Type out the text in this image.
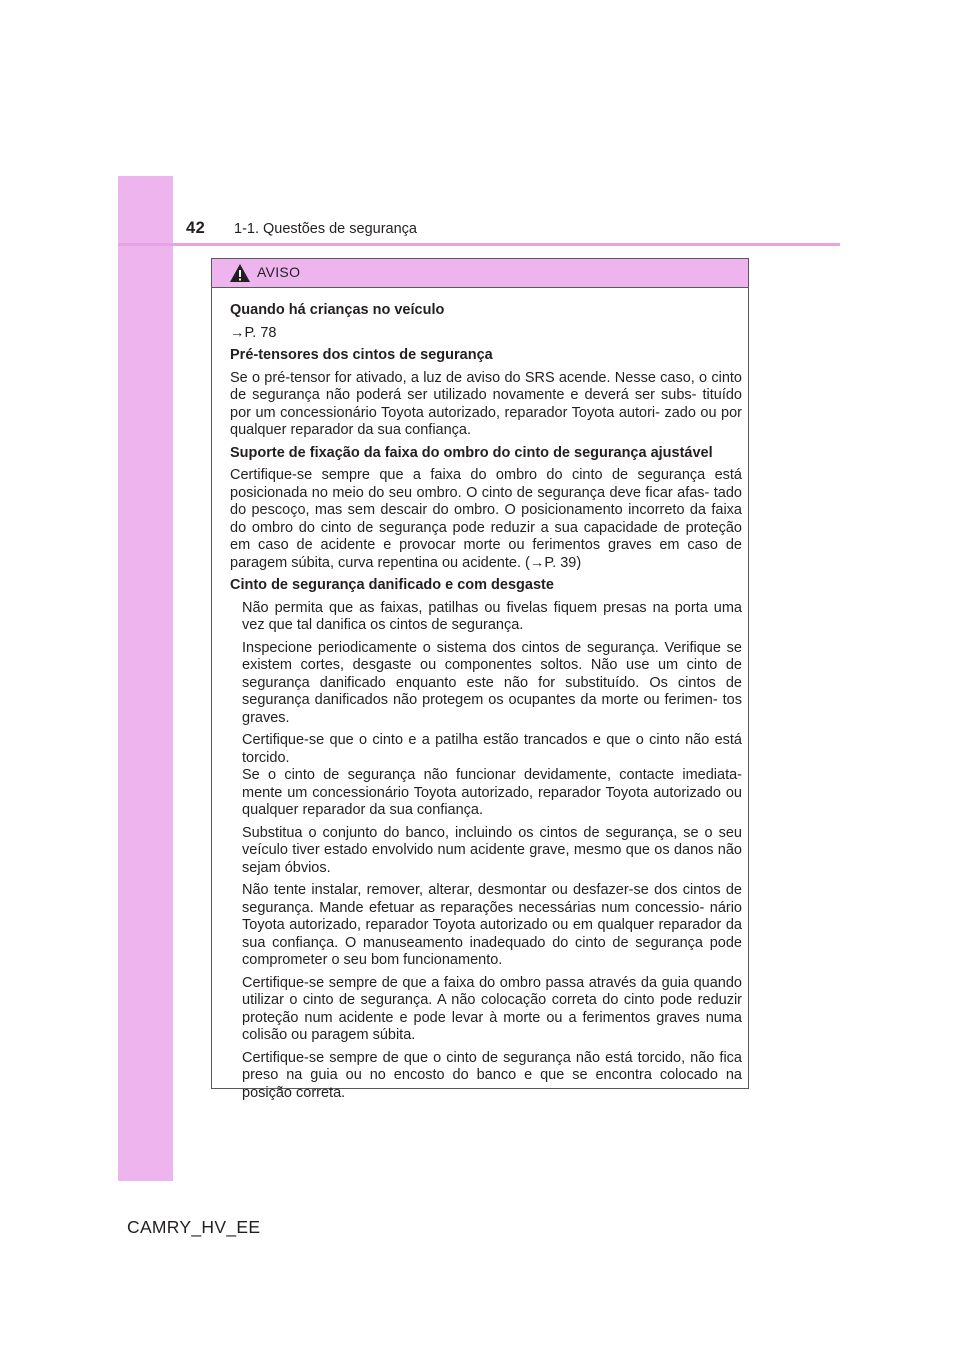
42 1-1. Questões de segurança
AVISO

Quando há crianças no veículo

→P. 78

Pré-tensores dos cintos de segurança

Se o pré-tensor for ativado, a luz de aviso do SRS acende. Nesse caso, o cinto de segurança não poderá ser utilizado novamente e deverá ser subs- tituído por um concessionário Toyota autorizado, reparador Toyota autori- zado ou por qualquer reparador da sua confiança.

Suporte de fixação da faixa do ombro do cinto de segurança ajustável

Certifique-se sempre que a faixa do ombro do cinto de segurança está posicionada no meio do seu ombro. O cinto de segurança deve ficar afas- tado do pescoço, mas sem descair do ombro. O posicionamento incorreto da faixa do ombro do cinto de segurança pode reduzir a sua capacidade de proteção em caso de acidente e provocar morte ou ferimentos graves em caso de paragem súbita, curva repentina ou acidente. (→P. 39)

Cinto de segurança danificado e com desgaste

Não permita que as faixas, patilhas ou fivelas fiquem presas na porta uma vez que tal danifica os cintos de segurança.

Inspecione periodicamente o sistema dos cintos de segurança. Verifique se existem cortes, desgaste ou componentes soltos. Não use um cinto de segurança danificado enquanto este não for substituído. Os cintos de segurança danificados não protegem os ocupantes da morte ou ferimen- tos graves.

Certifique-se que o cinto e a patilha estão trancados e que o cinto não está torcido.
Se o cinto de segurança não funcionar devidamente, contacte imediata- mente um concessionário Toyota autorizado, reparador Toyota autorizado ou qualquer reparador da sua confiança.

Substitua o conjunto do banco, incluindo os cintos de segurança, se o seu veículo tiver estado envolvido num acidente grave, mesmo que os danos não sejam óbvios.

Não tente instalar, remover, alterar, desmontar ou desfazer-se dos cintos de segurança. Mande efetuar as reparações necessárias num concessio- nário Toyota autorizado, reparador Toyota autorizado ou em qualquer reparador da sua confiança. O manuseamento inadequado do cinto de segurança pode comprometer o seu bom funcionamento.

Certifique-se sempre de que a faixa do ombro passa através da guia quando utilizar o cinto de segurança. A não colocação correta do cinto pode reduzir proteção num acidente e pode levar à morte ou a ferimentos graves numa colisão ou paragem súbita.

Certifique-se sempre de que o cinto de segurança não está torcido, não fica preso na guia ou no encosto do banco e que se encontra colocado na posição correta.

CAMRY_HV_EE
